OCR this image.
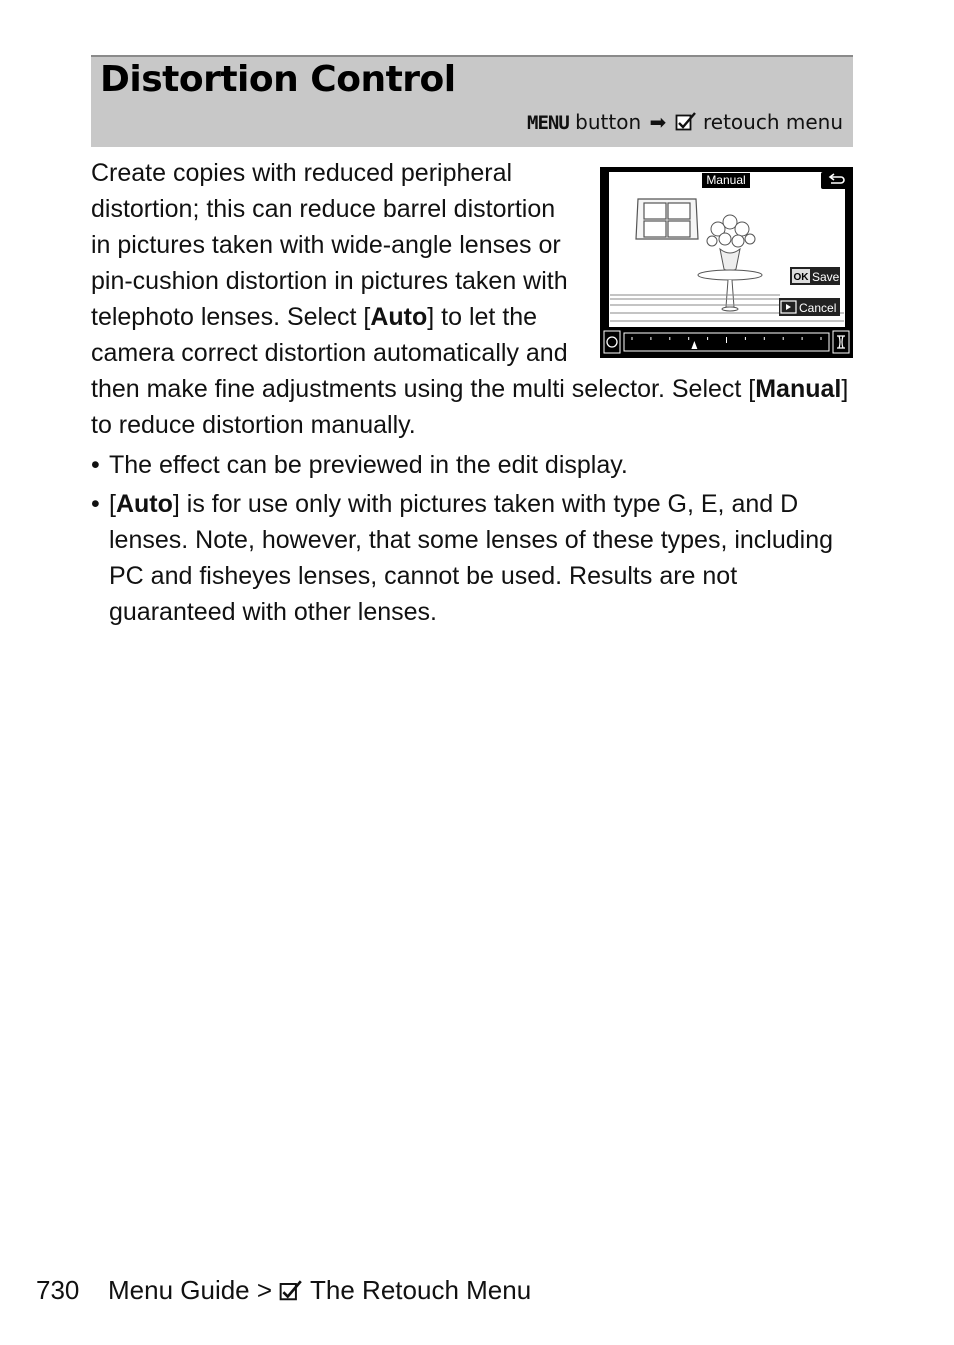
Distortion Control
MENU button ➡  retouch menu
Manual
OK Save
Cancel

Create copies with reduced peripheral distortion; this can reduce barrel distortion in pictures taken with wide-angle lenses or pin-cushion distortion in pictures taken with telephoto lenses. Select [Auto] to let the camera correct distortion automatically and then make fine adjustments using the multi selector. Select [Manual] to reduce distortion manually.

• The effect can be previewed in the edit display.
• [Auto] is for use only with pictures taken with type G, E, and D lenses. Note, however, that some lenses of these types, including PC and fisheyes lenses, cannot be used. Results are not guaranteed with other lenses.
730 Menu Guide >  The Retouch Menu
